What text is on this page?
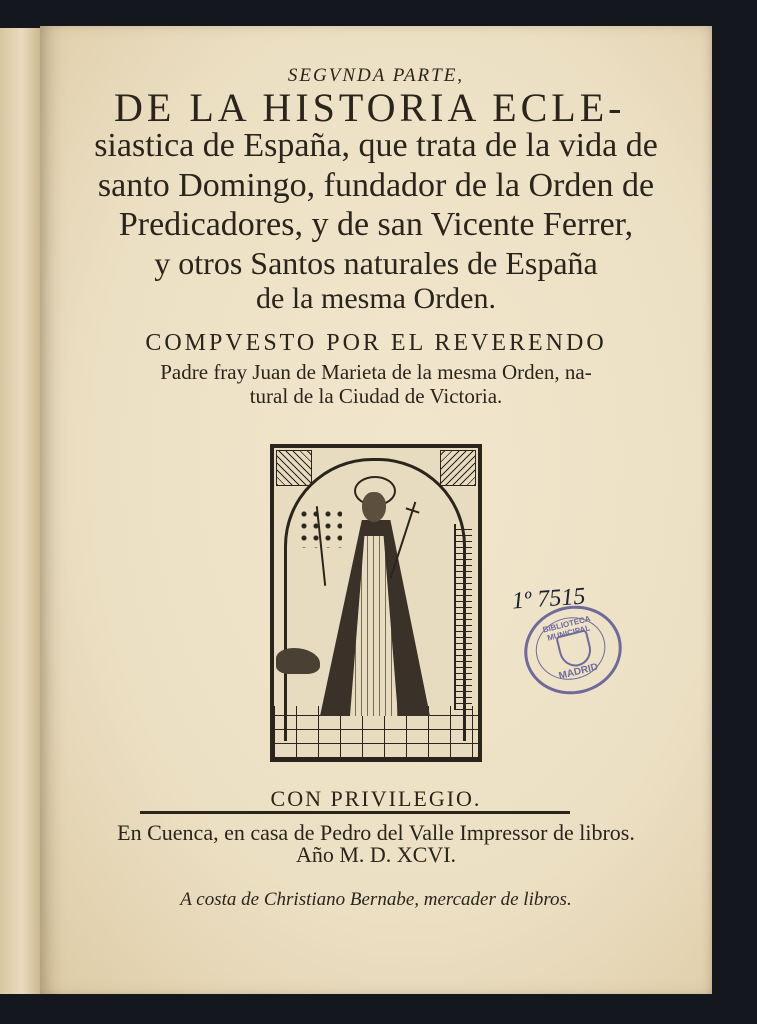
SEGVNDA PARTE,
DE LA HISTORIA ECLE-
siastica de España, que trata de la vida de
santo Domingo, fundador de la Orden de
Predicadores, y de san Vicente Ferrer,
y otros Santos naturales de España
de la mesma Orden.
COMPVESTO POR EL REVERENDO
Padre fray Juan de Marieta de la mesma Orden, na-
tural de la Ciudad de Victoria.
CON PRIVILEGIO.
En Cuenca, en casa de Pedro del Valle Impressor de libros.
Año M. D. XCVI.
A costa de Christiano Bernabe, mercader de libros.
1º 7515
BIBLIOTECA MUNICIPAL
MADRID
